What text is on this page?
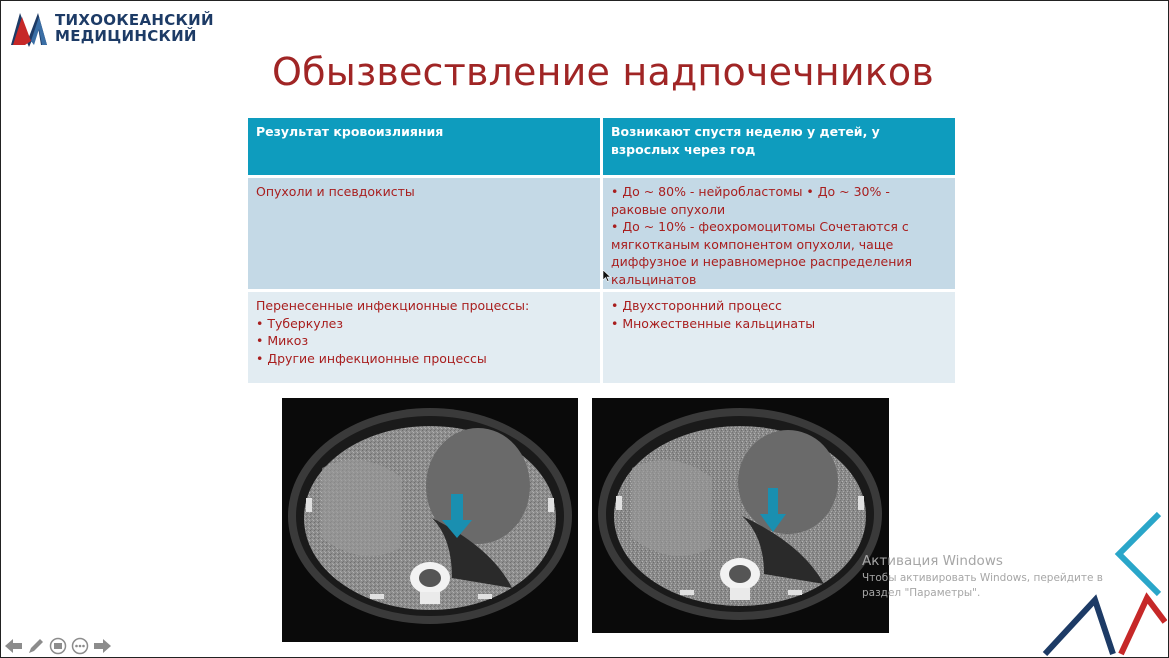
ТИХООКЕАНСКИЙ
МЕДИЦИНСКИЙ
Обызвествление надпочечников
Результат кровоизлияния	Возникают спустя неделю у детей, у взрослых через год
Опухоли и псевдокисты	• До ~ 80% - нейробластомы • До ~ 30% - раковые опухоли
• До ~ 10% - феохромоцитомы Сочетаются с мягкотканым компонентом опухоли, чаще диффузное и неравномерное распределения кальцинатов
Перенесенные инфекционные процессы:
• Туберкулез
• Микоз
• Другие инфекционные процессы
• Двухсторонний процесс
• Множественные кальцинаты
Активация Windows
Чтобы активировать Windows, перейдите в раздел "Параметры".
